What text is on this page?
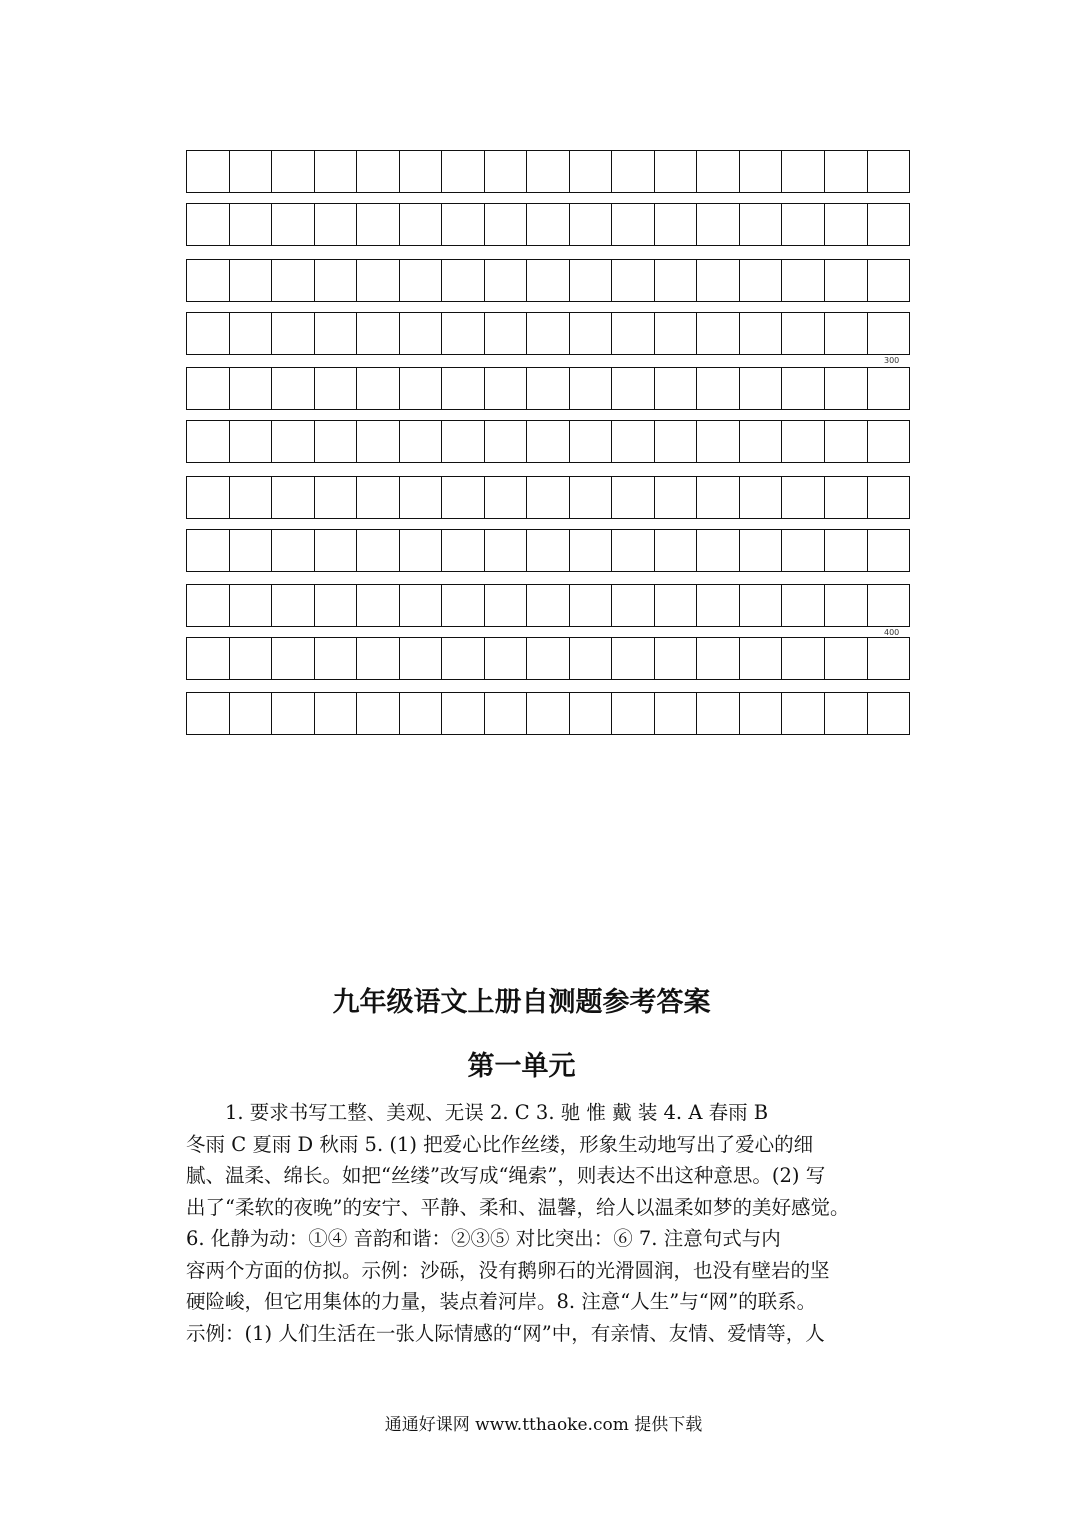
300
400
九年级语文上册自测题参考答案
第一单元
1. 要求书写工整、美观、无误 2. C 3. 驰 惟 戴 装 4. A 春雨 B
冬雨 C 夏雨 D 秋雨 5. (1) 把爱心比作丝缕，形象生动地写出了爱心的细
腻、温柔、绵长。如把“丝缕”改写成“绳索”，则表达不出这种意思。(2) 写
出了“柔软的夜晚”的安宁、平静、柔和、温馨，给人以温柔如梦的美好感觉。
6. 化静为动：①④ 音韵和谐：②③⑤ 对比突出：⑥ 7. 注意句式与内
容两个方面的仿拟。示例：沙砾，没有鹅卵石的光滑圆润，也没有壁岩的坚
硬险峻，但它用集体的力量，装点着河岸。8. 注意“人生”与“网”的联系。
示例：(1) 人们生活在一张人际情感的“网”中，有亲情、友情、爱情等，人
通通好课网 www.tthaoke.com 提供下载
